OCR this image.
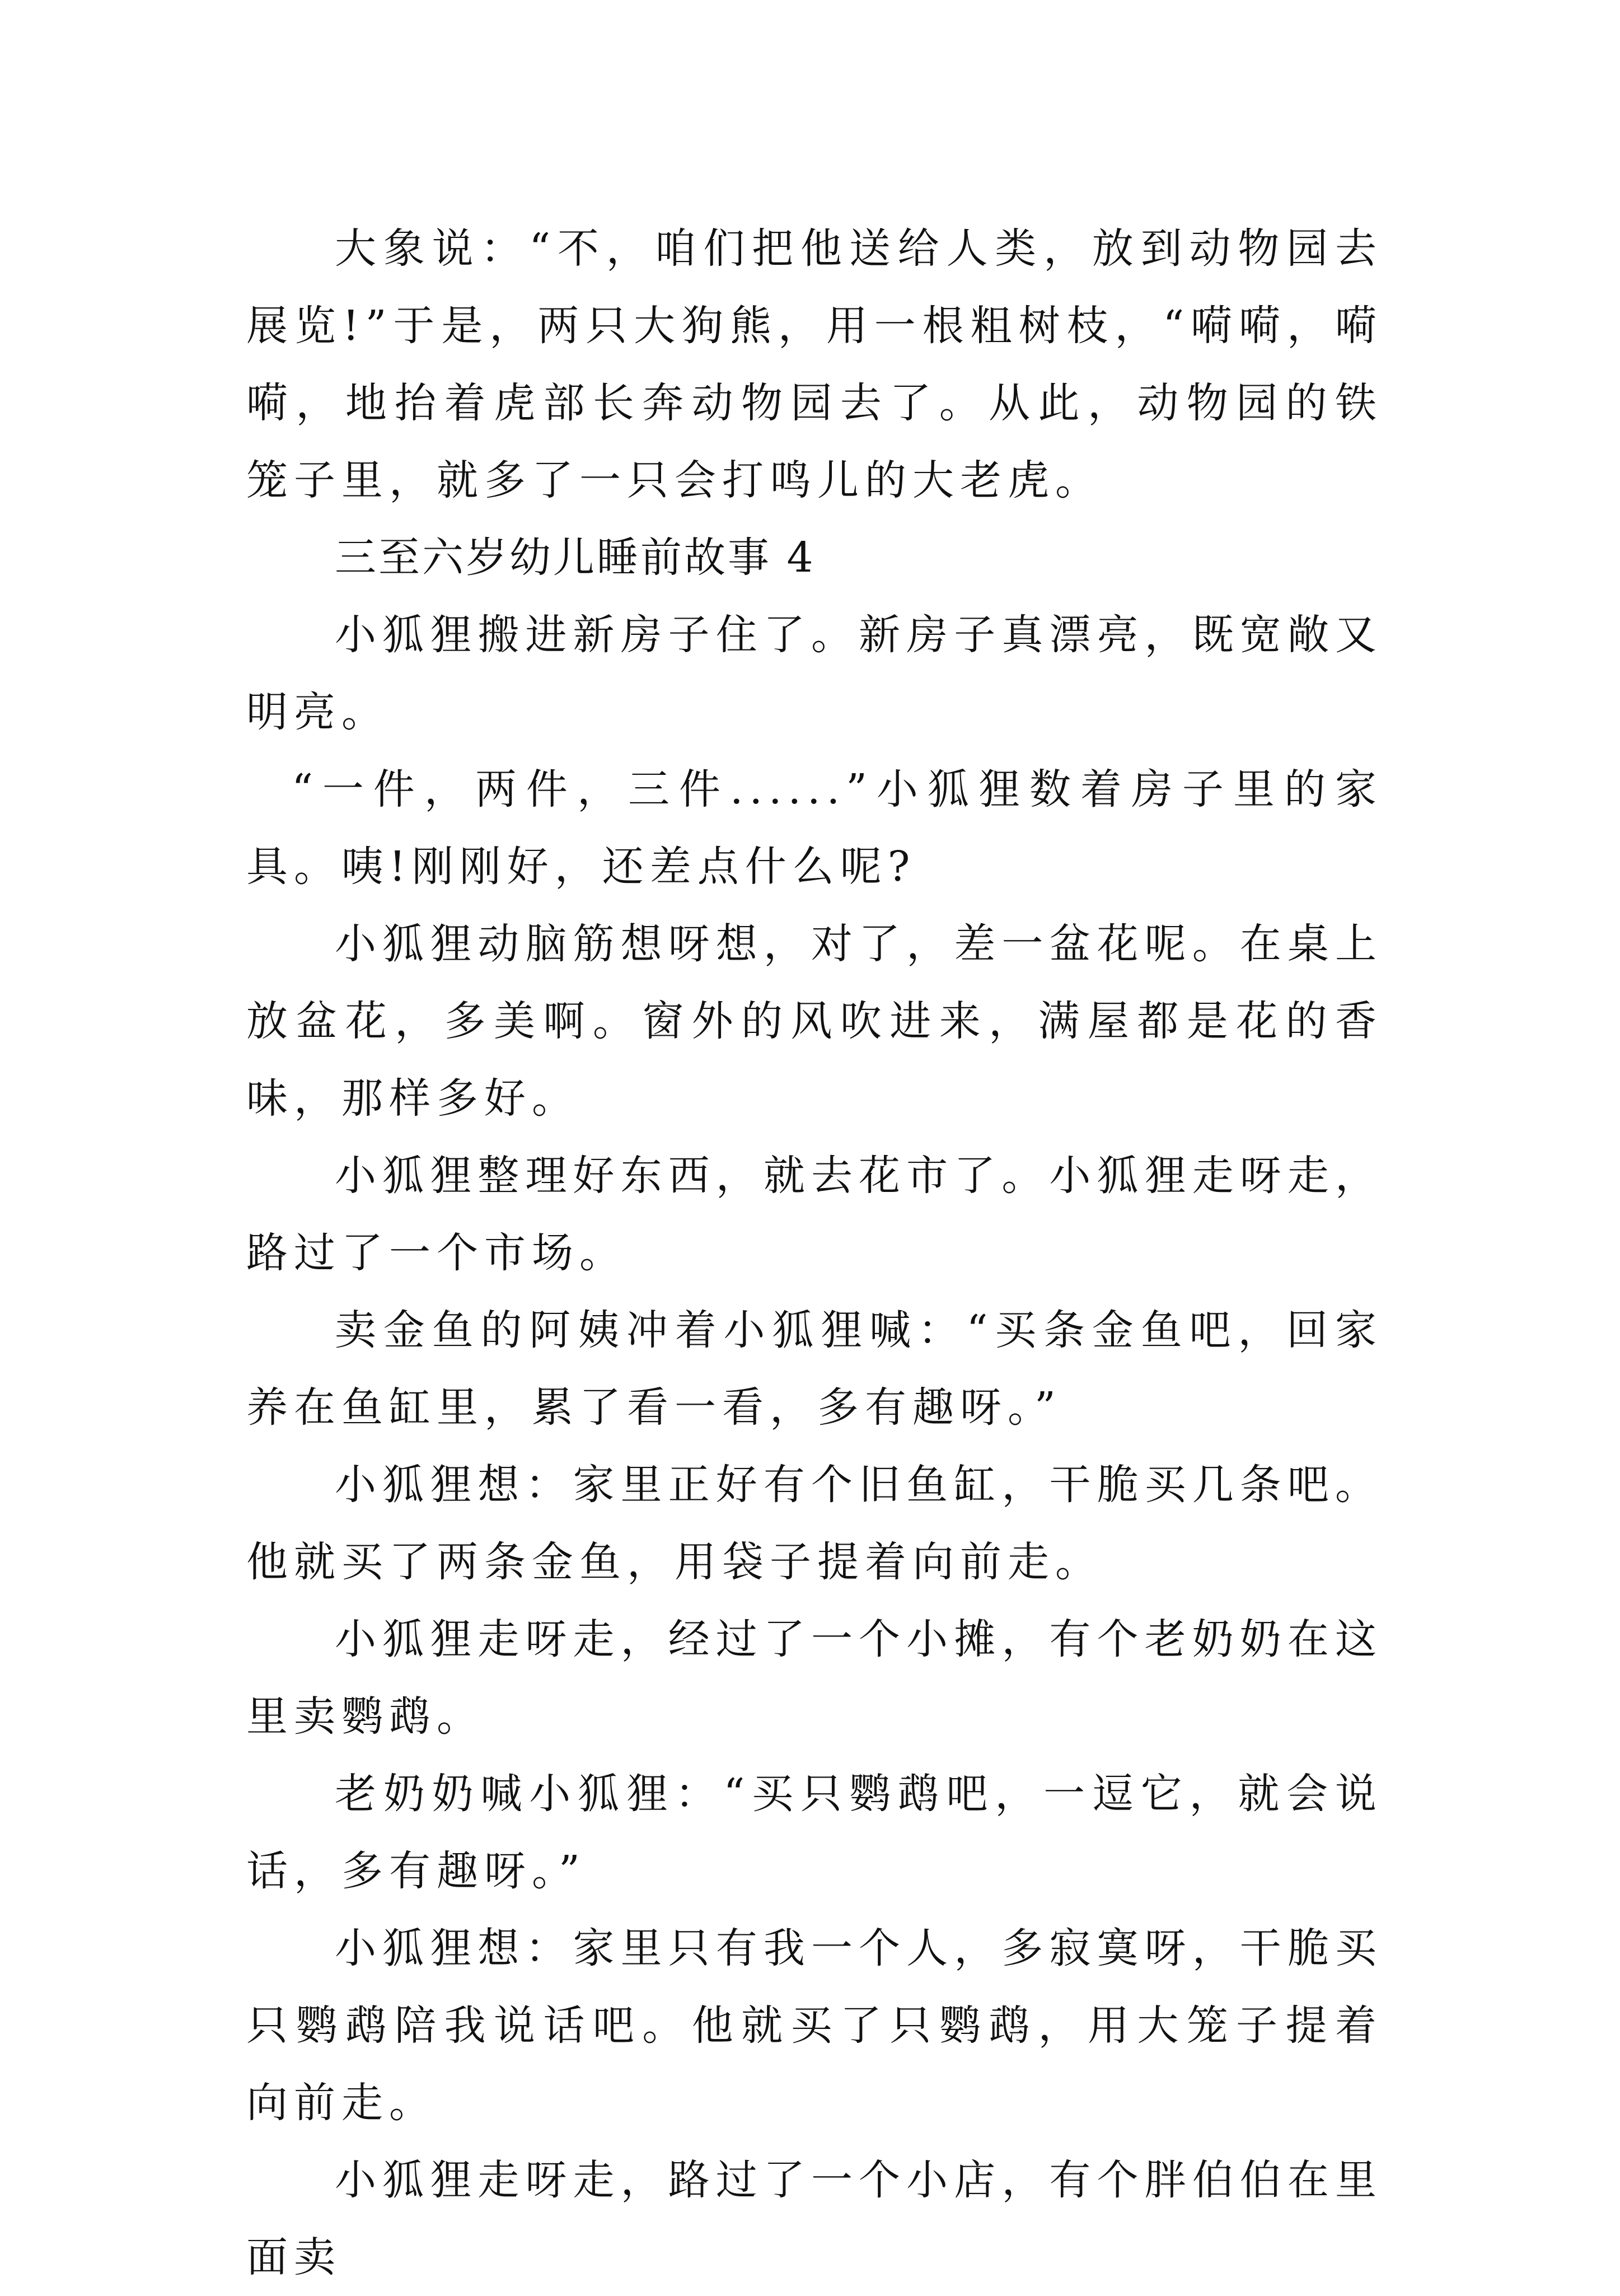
大象说：“不，咱们把他送给人类，放到动物园去展览!”于是，两只大狗熊，用一根粗树枝，“嗬嗬，嗬嗬，地抬着虎部长奔动物园去了。从此，动物园的铁笼子里，就多了一只会打鸣儿的大老虎。

三至六岁幼儿睡前故事 4

小狐狸搬进新房子住了。新房子真漂亮，既宽敞又明亮。

“一件，两件，三件......”小狐狸数着房子里的家具。咦!刚刚好，还差点什么呢?

小狐狸动脑筋想呀想，对了，差一盆花呢。在桌上放盆花，多美啊。窗外的风吹进来，满屋都是花的香味，那样多好。

小狐狸整理好东西，就去花市了。小狐狸走呀走，路过了一个市场。

卖金鱼的阿姨冲着小狐狸喊：“买条金鱼吧，回家养在鱼缸里，累了看一看，多有趣呀。”

小狐狸想：家里正好有个旧鱼缸，干脆买几条吧。他就买了两条金鱼，用袋子提着向前走。

小狐狸走呀走，经过了一个小摊，有个老奶奶在这里卖鹦鹉。

老奶奶喊小狐狸：“买只鹦鹉吧，一逗它，就会说话，多有趣呀。”

小狐狸想：家里只有我一个人，多寂寞呀，干脆买只鹦鹉陪我说话吧。他就买了只鹦鹉，用大笼子提着向前走。

小狐狸走呀走，路过了一个小店，有个胖伯伯在里面卖
